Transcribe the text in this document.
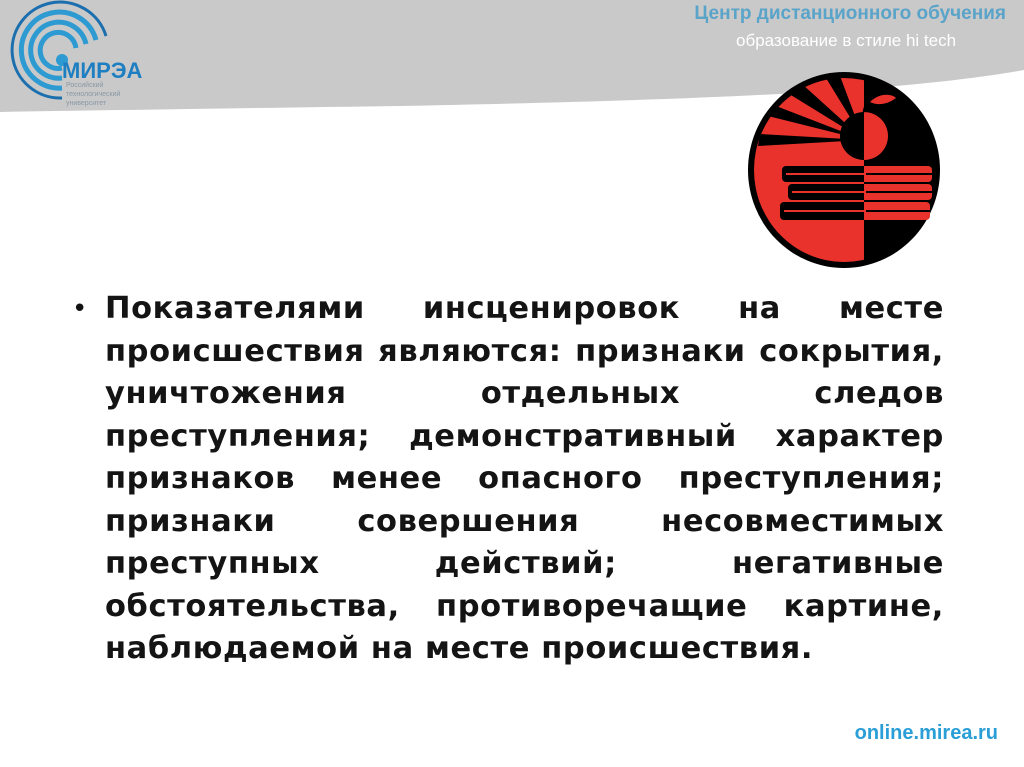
МИРЭА
Российский
технологический
университет
Центр дистанционного обучения
образование в стиле hi tech
• Показателями инсценировок на месте происшествия являются: признаки сокрытия, уничтожения отдельных следов преступления; демонстративный характер признаков менее опасного преступления; признаки совершения несовместимых преступных действий; негативные обстоятельства, противоречащие картине, наблюдаемой на месте происшествия.
online.mirea.ru
